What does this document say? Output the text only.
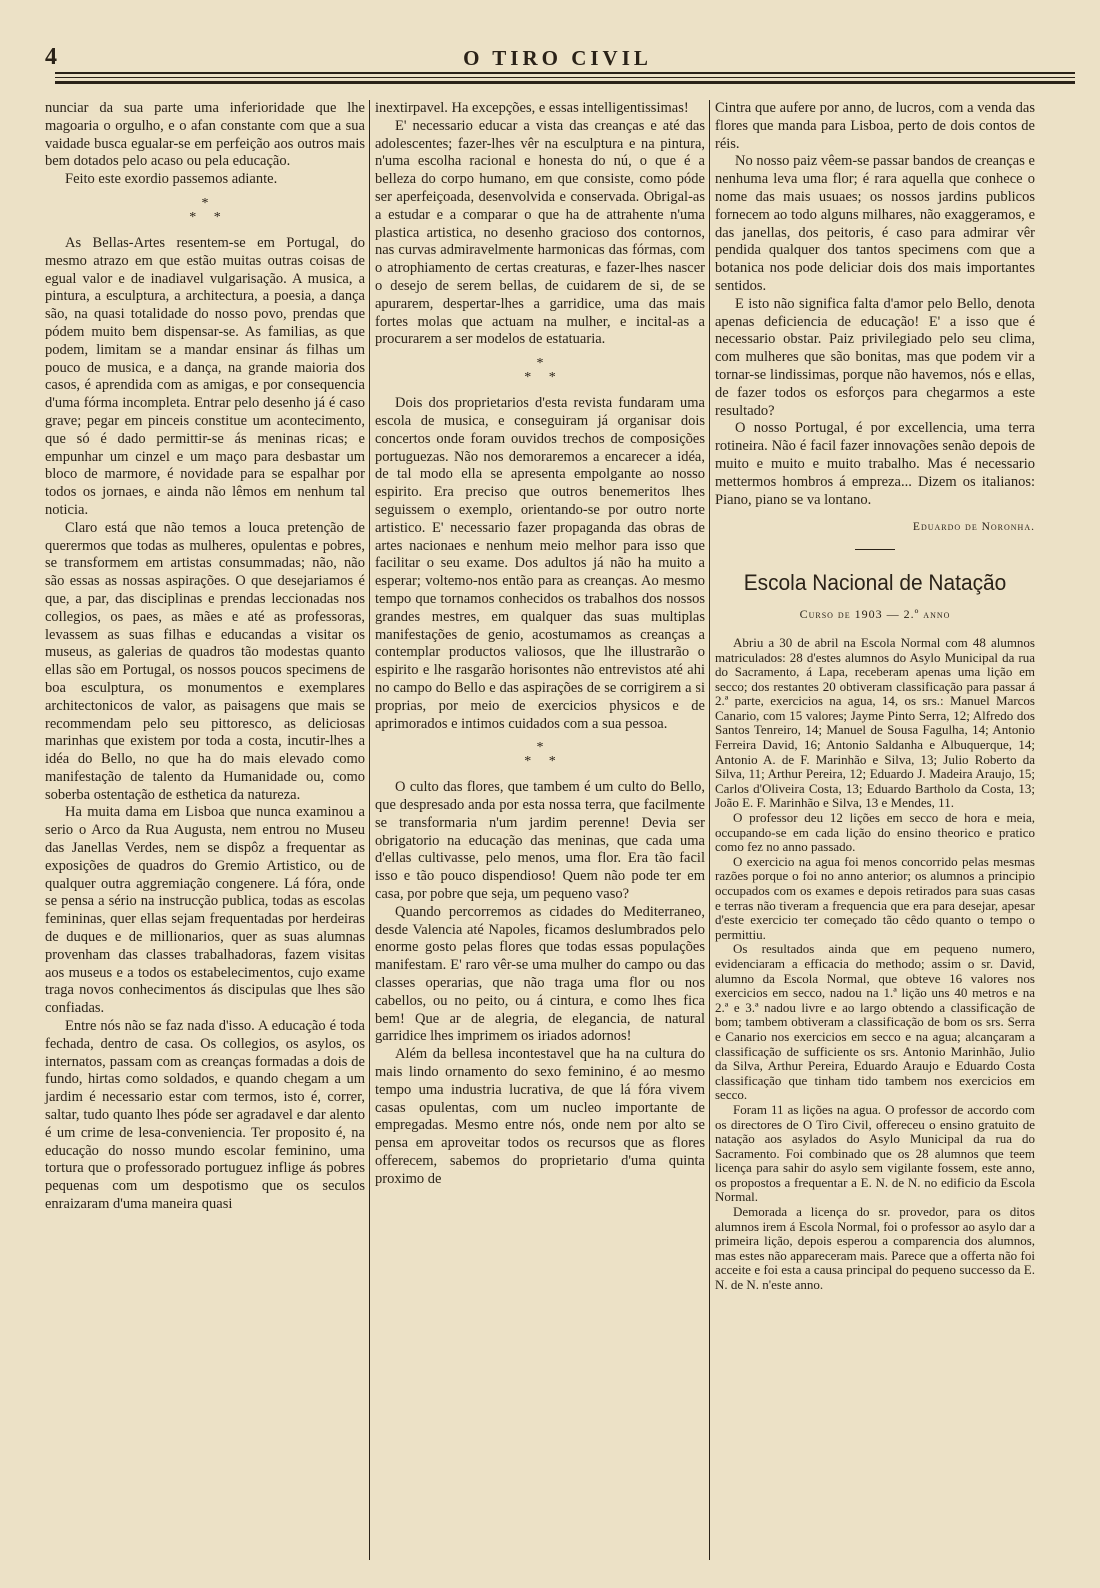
4	O TIRO CIVIL

nunciar da sua parte uma inferioridade que lhe magoaria o orgulho, e o afan constante com que a sua vaidade busca egualar-se em perfeição aos outros mais bem dotados pelo acaso ou pela educação.

Feito este exordio passemos adiante.

*
*     *

As Bellas-Artes resentem-se em Portugal, do mesmo atrazo em que estão muitas outras coisas de egual valor e de inadiavel vulgarisação. A musica, a pintura, a esculptura, a architectura, a poesia, a dança são, na quasi totalidade do nosso povo, prendas que pódem muito bem dispensar-se. As familias, as que podem, limitam se a mandar ensinar ás filhas um pouco de musica, e a dança, na grande maioria dos casos, é aprendida com as amigas, e por consequencia d'uma fórma incompleta. Entrar pelo desenho já é caso grave; pegar em pinceis constitue um acontecimento, que só é dado permittir-se ás meninas ricas; e empunhar um cinzel e um maço para desbastar um bloco de marmore, é novidade para se espalhar por todos os jornaes, e ainda não lêmos em nenhum tal noticia.

Claro está que não temos a louca pretenção de querermos que todas as mulheres, opulentas e pobres, se transformem em artistas consummadas; não, não são essas as nossas aspirações. O que desejariamos é que, a par, das disciplinas e prendas leccionadas nos collegios, os paes, as mães e até as professoras, levassem as suas filhas e educandas a visitar os museus, as galerias de quadros tão modestas quanto ellas são em Portugal, os nossos poucos specimens de boa esculptura, os monumentos e exemplares architectonicos de valor, as paisagens que mais se recommendam pelo seu pittoresco, as deliciosas marinhas que existem por toda a costa, incutir-lhes a idéa do Bello, no que ha do mais elevado como manifestação de talento da Humanidade ou, como soberba ostentação de esthetica da natureza.

Ha muita dama em Lisboa que nunca examinou a serio o Arco da Rua Augusta, nem entrou no Museu das Janellas Verdes, nem se dispôz a frequentar as exposições de quadros do Gremio Artistico, ou de qualquer outra aggremiação congenere. Lá fóra, onde se pensa a sério na instrucção publica, todas as escolas femininas, quer ellas sejam frequentadas por herdeiras de duques e de millionarios, quer as suas alumnas provenham das classes trabalhadoras, fazem visitas aos museus e a todos os estabelecimentos, cujo exame traga novos conhecimentos ás discipulas que lhes são confiadas.

Entre nós não se faz nada d'isso. A educação é toda fechada, dentro de casa. Os collegios, os asylos, os internatos, passam com as creanças formadas a dois de fundo, hirtas como soldados, e quando chegam a um jardim é necessario estar com termos, isto é, correr, saltar, tudo quanto lhes póde ser agradavel e dar alento é um crime de lesa-conveniencia. Ter proposito é, na educação do nosso mundo escolar feminino, uma tortura que o professorado portuguez inflige ás pobres pequenas com um despotismo que os seculos enraizaram d'uma maneira quasi

inextirpavel. Ha excepções, e essas intelligentissimas!

E' necessario educar a vista das creanças e até das adolescentes; fazer-lhes vêr na esculptura e na pintura, n'uma escolha racional e honesta do nú, o que é a belleza do corpo humano, em que consiste, como póde ser aperfeiçoada, desenvolvida e conservada. Obrigal-as a estudar e a comparar o que ha de attrahente n'uma plastica artistica, no desenho gracioso dos contornos, nas curvas admiravelmente harmonicas das fórmas, com o atrophiamento de certas creaturas, e fazer-lhes nascer o desejo de serem bellas, de cuidarem de si, de se apurarem, despertar-lhes a garridice, uma das mais fortes molas que actuam na mulher, e incital-as a procurarem a ser modelos de estatuaria.

*
*     *

Dois dos proprietarios d'esta revista fundaram uma escola de musica, e conseguiram já organisar dois concertos onde foram ouvidos trechos de composições portuguezas. Não nos demoraremos a encarecer a idéa, de tal modo ella se apresenta empolgante ao nosso espirito. Era preciso que outros benemeritos lhes seguissem o exemplo, orientando-se por outro norte artistico. E' necessario fazer propaganda das obras de artes nacionaes e nenhum meio melhor para isso que facilitar o seu exame. Dos adultos já não ha muito a esperar; voltemo-nos então para as creanças. Ao mesmo tempo que tornamos conhecidos os trabalhos dos nossos grandes mestres, em qualquer das suas multiplas manifestações de genio, acostumamos as creanças a contemplar productos valiosos, que lhe illustrarão o espirito e lhe rasgarão horisontes não entrevistos até ahi no campo do Bello e das aspirações de se corrigirem a si proprias, por meio de exercicios physicos e de aprimorados e intimos cuidados com a sua pessoa.

*
*     *

O culto das flores, que tambem é um culto do Bello, que despresado anda por esta nossa terra, que facilmente se transformaria n'um jardim perenne! Devia ser obrigatorio na educação das meninas, que cada uma d'ellas cultivasse, pelo menos, uma flor. Era tão facil isso e tão pouco dispendioso! Quem não pode ter em casa, por pobre que seja, um pequeno vaso?

Quando percorremos as cidades do Mediterraneo, desde Valencia até Napoles, ficamos deslumbrados pelo enorme gosto pelas flores que todas essas populações manifestam. E' raro vêr-se uma mulher do campo ou das classes operarias, que não traga uma flor ou nos cabellos, ou no peito, ou á cintura, e como lhes fica bem! Que ar de alegria, de elegancia, de natural garridice lhes imprimem os iriados adornos!

Além da bellesa incontestavel que ha na cultura do mais lindo ornamento do sexo feminino, é ao mesmo tempo uma industria lucrativa, de que lá fóra vivem casas opulentas, com um nucleo importante de empregadas. Mesmo entre nós, onde nem por alto se pensa em aproveitar todos os recursos que as flores offerecem, sabemos do proprietario d'uma quinta proximo de

Cintra que aufere por anno, de lucros, com a venda das flores que manda para Lisboa, perto de dois contos de réis.

No nosso paiz vêem-se passar bandos de creanças e nenhuma leva uma flor; é rara aquella que conhece o nome das mais usuaes; os nossos jardins publicos fornecem ao todo alguns milhares, não exaggeramos, e das janellas, dos peitoris, é caso para admirar vêr pendida qualquer dos tantos specimens com que a botanica nos pode deliciar dois dos mais importantes sentidos.

E isto não significa falta d'amor pelo Bello, denota apenas deficiencia de educação! E' a isso que é necessario obstar. Paiz privilegiado pelo seu clima, com mulheres que são bonitas, mas que podem vir a tornar-se lindissimas, porque não havemos, nós e ellas, de fazer todos os esforços para chegarmos a este resultado?

O nosso Portugal, é por excellencia, uma terra rotineira. Não é facil fazer innovações senão depois de muito e muito e muito trabalho. Mas é necessario mettermos hombros á empreza... Dizem os italianos: Piano, piano se va lontano.

Eduardo de Noronha.
Escola Nacional de Natação
Curso de 1903 — 2.º anno

Abriu a 30 de abril na Escola Normal com 48 alumnos matriculados: 28 d'estes alumnos do Asylo Municipal da rua do Sacramento, á Lapa, receberam apenas uma lição em secco; dos restantes 20 obtiveram classificação para passar á 2.ª parte, exercicios na agua, 14, os srs.: Manuel Marcos Canario, com 15 valores; Jayme Pinto Serra, 12; Alfredo dos Santos Tenreiro, 14; Manuel de Sousa Fagulha, 14; Antonio Ferreira David, 16; Antonio Saldanha e Albuquerque, 14; Antonio A. de F. Marinhão e Silva, 13; Julio Roberto da Silva, 11; Arthur Pereira, 12; Eduardo J. Madeira Araujo, 15; Carlos d'Oliveira Costa, 13; Eduardo Bartholo da Costa, 13; João E. F. Marinhão e Silva, 13 e Mendes, 11.

O professor deu 12 lições em secco de hora e meia, occupando-se em cada lição do ensino theorico e pratico como fez no anno passado.

O exercicio na agua foi menos concorrido pelas mesmas razões porque o foi no anno anterior; os alumnos a principio occupados com os exames e depois retirados para suas casas e terras não tiveram a frequencia que era para desejar, apesar d'este exercicio ter começado tão cêdo quanto o tempo o permittiu.

Os resultados ainda que em pequeno numero, evidenciaram a efficacia do methodo; assim o sr. David, alumno da Escola Normal, que obteve 16 valores nos exercicios em secco, nadou na 1.ª lição uns 40 metros e na 2.ª e 3.ª nadou livre e ao largo obtendo a classificação de bom; tambem obtiveram a classificação de bom os srs. Serra e Canario nos exercicios em secco e na agua; alcançaram a classificação de sufficiente os srs. Antonio Marinhão, Julio da Silva, Arthur Pereira, Eduardo Araujo e Eduardo Costa classificação que tinham tido tambem nos exercicios em secco.

Foram 11 as lições na agua. O professor de accordo com os directores de O Tiro Civil, offereceu o ensino gratuito de natação aos asylados do Asylo Municipal da rua do Sacramento. Foi combinado que os 28 alumnos que teem licença para sahir do asylo sem vigilante fossem, este anno, os propostos a frequentar a E. N. de N. no edificio da Escola Normal.

Demorada a licença do sr. provedor, para os ditos alumnos irem á Escola Normal, foi o professor ao asylo dar a primeira lição, depois esperou a comparencia dos alumnos, mas estes não appareceram mais. Parece que a offerta não foi acceite e foi esta a causa principal do pequeno successo da E. N. de N. n'este anno.
